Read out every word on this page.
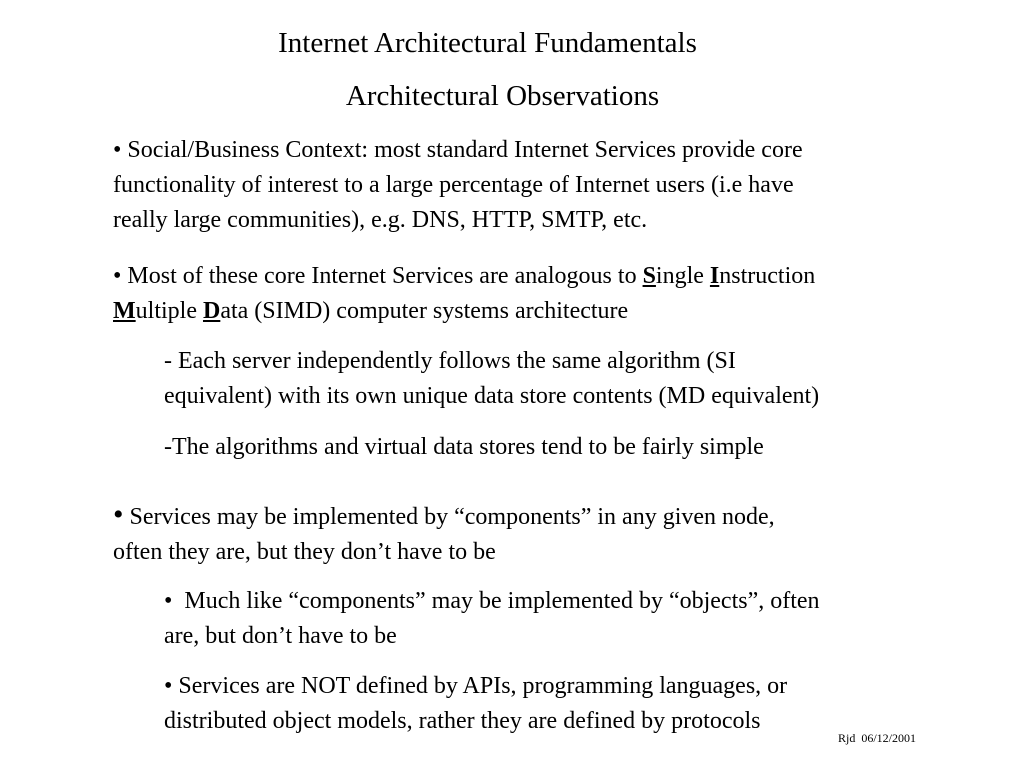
Internet Architectural Fundamentals
Architectural Observations
• Social/Business Context: most standard Internet Services provide core
functionality of interest to a large percentage of Internet users (i.e have
really large communities), e.g. DNS, HTTP, SMTP, etc.
• Most of these core Internet Services are analogous to Single Instruction
Multiple Data (SIMD) computer systems architecture
- Each server independently follows the same algorithm (SI
equivalent) with its own unique data store contents (MD equivalent)
-The algorithms and virtual data stores tend to be fairly simple
• Services may be implemented by “components” in any given node,
often they are, but they don’t have to be
• Much like “components” may be implemented by “objects”, often
are, but don’t have to be
• Services are NOT defined by APIs, programming languages, or
distributed object models, rather they are defined by protocols
Rjd  06/12/2001
